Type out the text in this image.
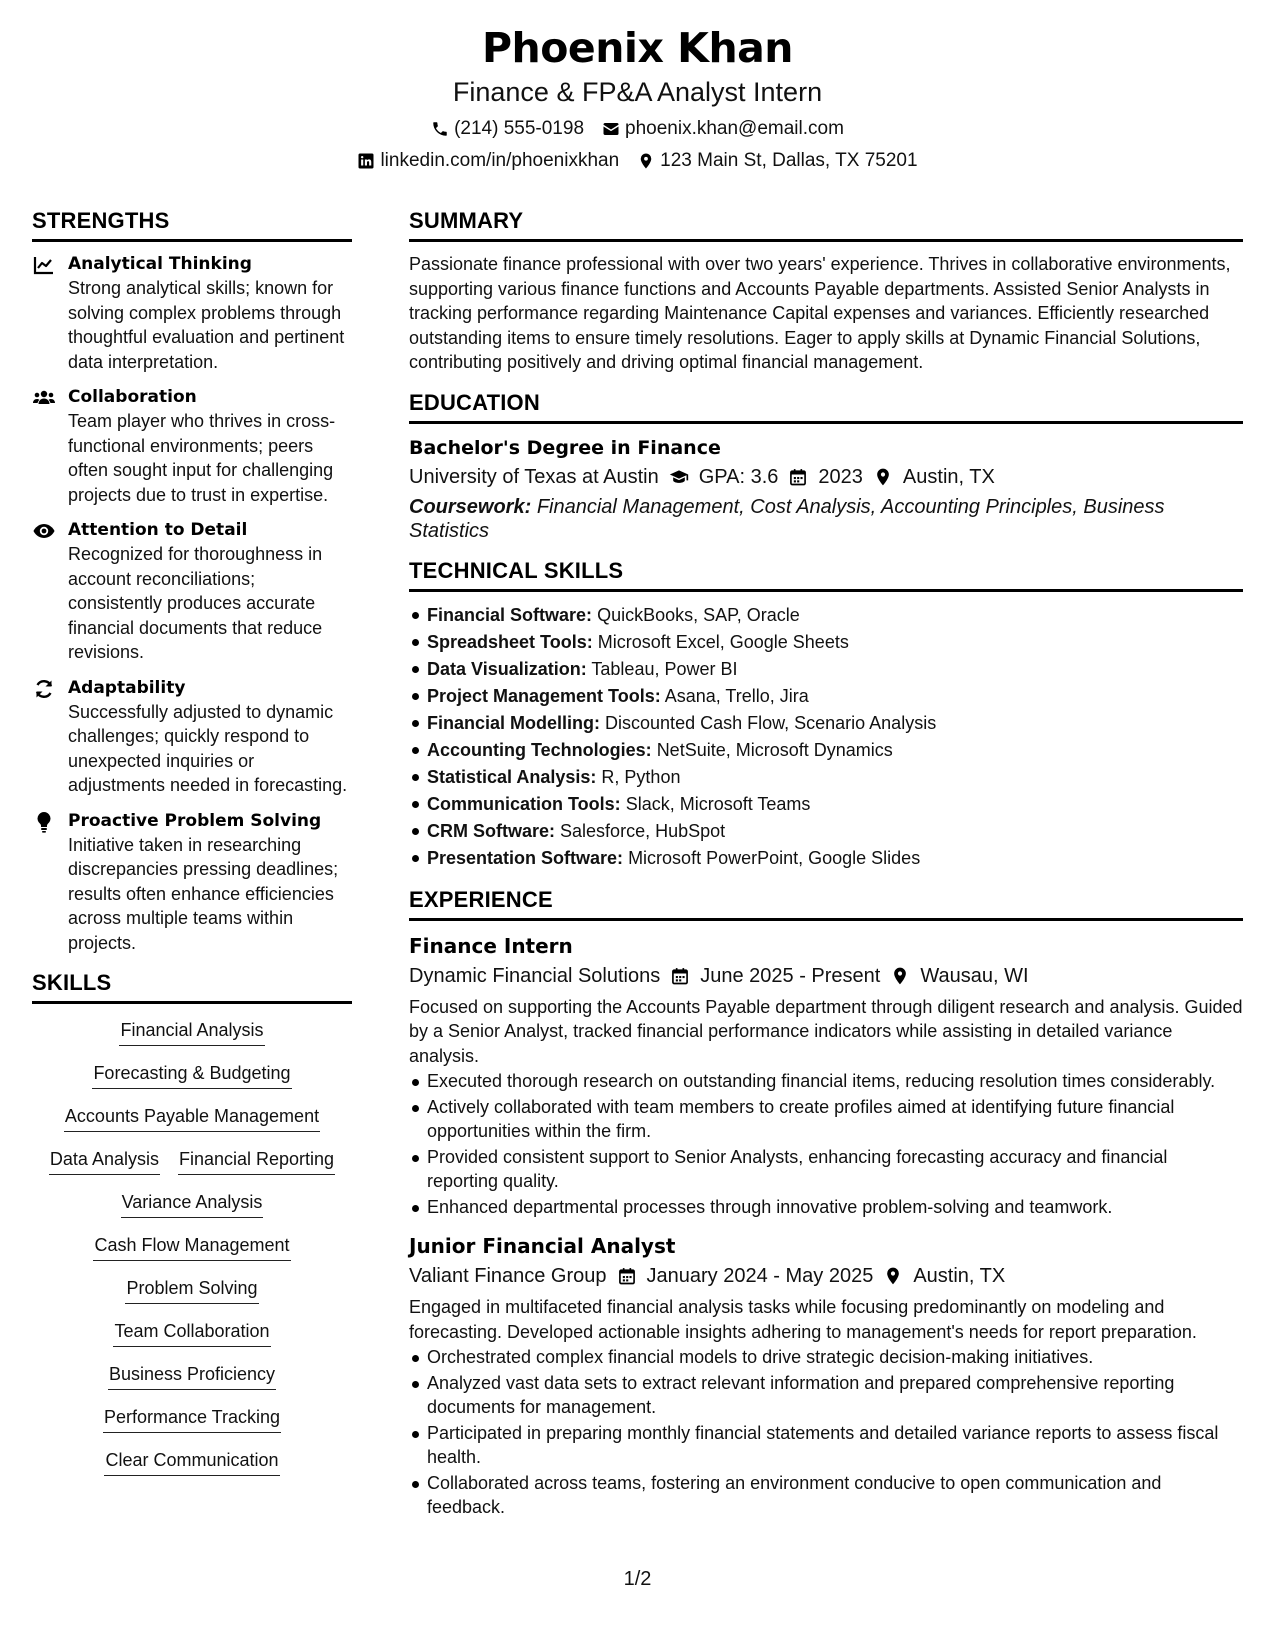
Phoenix Khan
Finance & FP&A Analyst Intern
(214) 555-0198 phoenix.khan@email.com
linkedin.com/in/phoenixkhan 123 Main St, Dallas, TX 75201
STRENGTHS
Analytical Thinking
Strong analytical skills; known for solving complex problems through thoughtful evaluation and pertinent data interpretation.
Collaboration
Team player who thrives in cross-functional environments; peers often sought input for challenging projects due to trust in expertise.
Attention to Detail
Recognized for thoroughness in account reconciliations; consistently produces accurate financial documents that reduce revisions.
Adaptability
Successfully adjusted to dynamic challenges; quickly respond to unexpected inquiries or adjustments needed in forecasting.
Proactive Problem Solving
Initiative taken in researching discrepancies pressing deadlines; results often enhance efficiencies across multiple teams within projects.
SKILLS
Financial Analysis
Forecasting & Budgeting
Accounts Payable Management
Data Analysis Financial Reporting
Variance Analysis
Cash Flow Management
Problem Solving
Team Collaboration
Business Proficiency
Performance Tracking
Clear Communication
SUMMARY
Passionate finance professional with over two years' experience. Thrives in collaborative environments, supporting various finance functions and Accounts Payable departments. Assisted Senior Analysts in tracking performance regarding Maintenance Capital expenses and variances. Efficiently researched outstanding items to ensure timely resolutions. Eager to apply skills at Dynamic Financial Solutions, contributing positively and driving optimal financial management.
EDUCATION
Bachelor's Degree in Finance
University of Texas at Austin GPA: 3.6 2023 Austin, TX
Coursework: Financial Management, Cost Analysis, Accounting Principles, Business Statistics
TECHNICAL SKILLS
Financial Software: QuickBooks, SAP, Oracle
Spreadsheet Tools: Microsoft Excel, Google Sheets
Data Visualization: Tableau, Power BI
Project Management Tools: Asana, Trello, Jira
Financial Modelling: Discounted Cash Flow, Scenario Analysis
Accounting Technologies: NetSuite, Microsoft Dynamics
Statistical Analysis: R, Python
Communication Tools: Slack, Microsoft Teams
CRM Software: Salesforce, HubSpot
Presentation Software: Microsoft PowerPoint, Google Slides
EXPERIENCE
Finance Intern
Dynamic Financial Solutions June 2025 - Present Wausau, WI
Focused on supporting the Accounts Payable department through diligent research and analysis. Guided by a Senior Analyst, tracked financial performance indicators while assisting in detailed variance analysis.
Executed thorough research on outstanding financial items, reducing resolution times considerably.
Actively collaborated with team members to create profiles aimed at identifying future financial opportunities within the firm.
Provided consistent support to Senior Analysts, enhancing forecasting accuracy and financial reporting quality.
Enhanced departmental processes through innovative problem-solving and teamwork.
Junior Financial Analyst
Valiant Finance Group January 2024 - May 2025 Austin, TX
Engaged in multifaceted financial analysis tasks while focusing predominantly on modeling and forecasting. Developed actionable insights adhering to management's needs for report preparation.
Orchestrated complex financial models to drive strategic decision-making initiatives.
Analyzed vast data sets to extract relevant information and prepared comprehensive reporting documents for management.
Participated in preparing monthly financial statements and detailed variance reports to assess fiscal health.
Collaborated across teams, fostering an environment conducive to open communication and feedback.
1/2
